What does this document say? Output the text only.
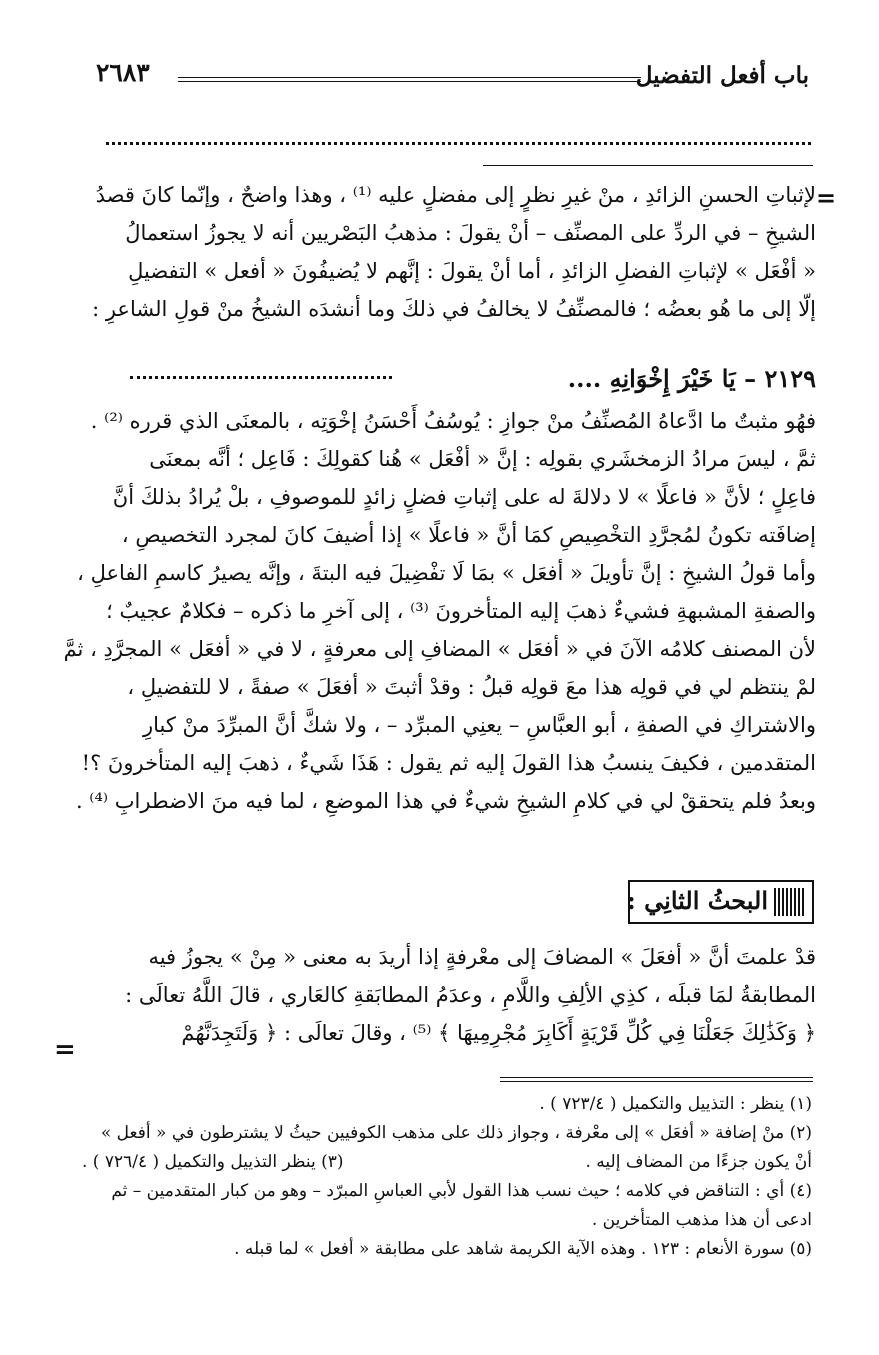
باب أفعل التفضيل
٢٦٨٣
=
لإثباتِ الحسنِ الزائدِ ، منْ غيرِ نظرٍ إلى مفضلٍ عليه ⁽¹⁾ ، وهذا واضحٌ ، وإنّما كانَ قصدُ
الشيخِ – في الردِّ على المصنِّف – أنْ يقولَ : مذهبُ البَصْريين أنه لا يجوزُ استعمالُ
« أفْعَل » لإثباتِ الفضلِ الزائدِ ، أما أنْ يقولَ : إنَّهم لا يُضيفُونَ « أفعل » التفضيلِ
إلّا إلى ما هُو بعضُه ؛ فالمصنِّفُ لا يخالفُ في ذلكَ وما أنشدَه الشيخُ منْ قولِ الشاعرِ :
٢١٢٩ – يَا خَيْرَ إِخْوَانِهِ ....
فهُو مثبتٌ ما ادَّعاهُ المُصنِّفُ منْ جوازِ : يُوسُفُ أَحْسَنُ إخْوَتِه ، بالمعنَى الذي قرره ⁽²⁾ .
ثمَّ ، ليسَ مرادُ الزمخشَري بقولِه : إنَّ « أفْعَل » هُنا كقولِكَ : فَاعِل ؛ أنَّه بمعنَى
فاعِلٍ ؛ لأنَّ « فاعلًا » لا دلالةَ له على إثباتِ فضلٍ زائدٍ للموصوفِ ، بلْ يُرادُ بذلكَ أنَّ
إضافَته تكونُ لمُجرَّدِ التخْصِيصِ كمَا أنَّ « فاعلًا » إذا أضيفَ كانَ لمجرد التخصيصِ ،
وأما قولُ الشيخِ : إنَّ تأويلَ « أفعَل » بمَا لَا تفْضِيلَ فيه البتةَ ، وإنَّه يصيرُ كاسمِ الفاعلِ ،
والصفةِ المشبهةِ فشيءٌ ذهبَ إليه المتأخرونَ ⁽³⁾ ، إلى آخرِ ما ذكره – فكلامٌ عجيبٌ ؛
لأن المصنف كلامُه الآنَ في « أفعَل » المضافِ إلى معرفةٍ ، لا في « أفعَل » المجرَّدِ ، ثمَّ
لمْ ينتظم لي في قولِه هذا معَ قولِه قبلُ : وقدْ أثبتَ « أفعَلَ » صفةً ، لا للتفضيلِ ،
والاشتراكِ في الصفةِ ، أبو العبَّاسِ – يعنِي المبرِّد – ، ولا شكَّ أنَّ المبرِّدَ منْ كبارِ
المتقدمين ، فكيفَ ينسبُ هذا القولَ إليه ثم يقول : هَذَا شَيءٌ ، ذهبَ إليه المتأخرونَ ؟!
وبعدُ فلم يتحققْ لي في كلامِ الشيخِ شيءٌ في هذا الموضعِ ، لما فيه منَ الاضطرابِ ⁽⁴⁾ .
البحثُ الثانِي :
قدْ علمتَ أنَّ « أفعَلَ » المضافَ إلى معْرفةٍ إذا أريدَ به معنى « مِنْ » يجوزُ فيه
المطابقةُ لمَا قبلَه ، كذِي الألِفِ واللَّامِ ، وعدَمُ المطابَقةِ كالعَاري ، قالَ اللَّهُ تعالَى :
﴿ وَكَذَٰلِكَ جَعَلْنَا فِي كُلِّ قَرْيَةٍ أَكَابِرَ مُجْرِمِيهَا ﴾ ⁽⁵⁾ ، وقالَ تعالَى : ﴿ وَلَتَجِدَنَّهُمْ
=
(١) ينظر : التذييل والتكميل ( ٧٢٣/٤ ) .
(٢) منْ إضافة « أفعَل » إلى معْرفة ، وجواز ذلك على مذهب الكوفيين حيثُ لا يشترطون في « أفعل »
أنْ يكون جزءًا من المضاف إليه .
(٣) ينظر التذييل والتكميل ( ٧٢٦/٤ ) .
(٤) أي : التناقض في كلامه ؛ حيث نسب هذا القول لأبي العباسِ المبرّد – وهو من كبار المتقدمين – ثم
ادعى أن هذا مذهب المتأخرين .
(٥) سورة الأنعام : ١٢٣ . وهذه الآية الكريمة شاهد على مطابقة « أفعل » لما قبله .
